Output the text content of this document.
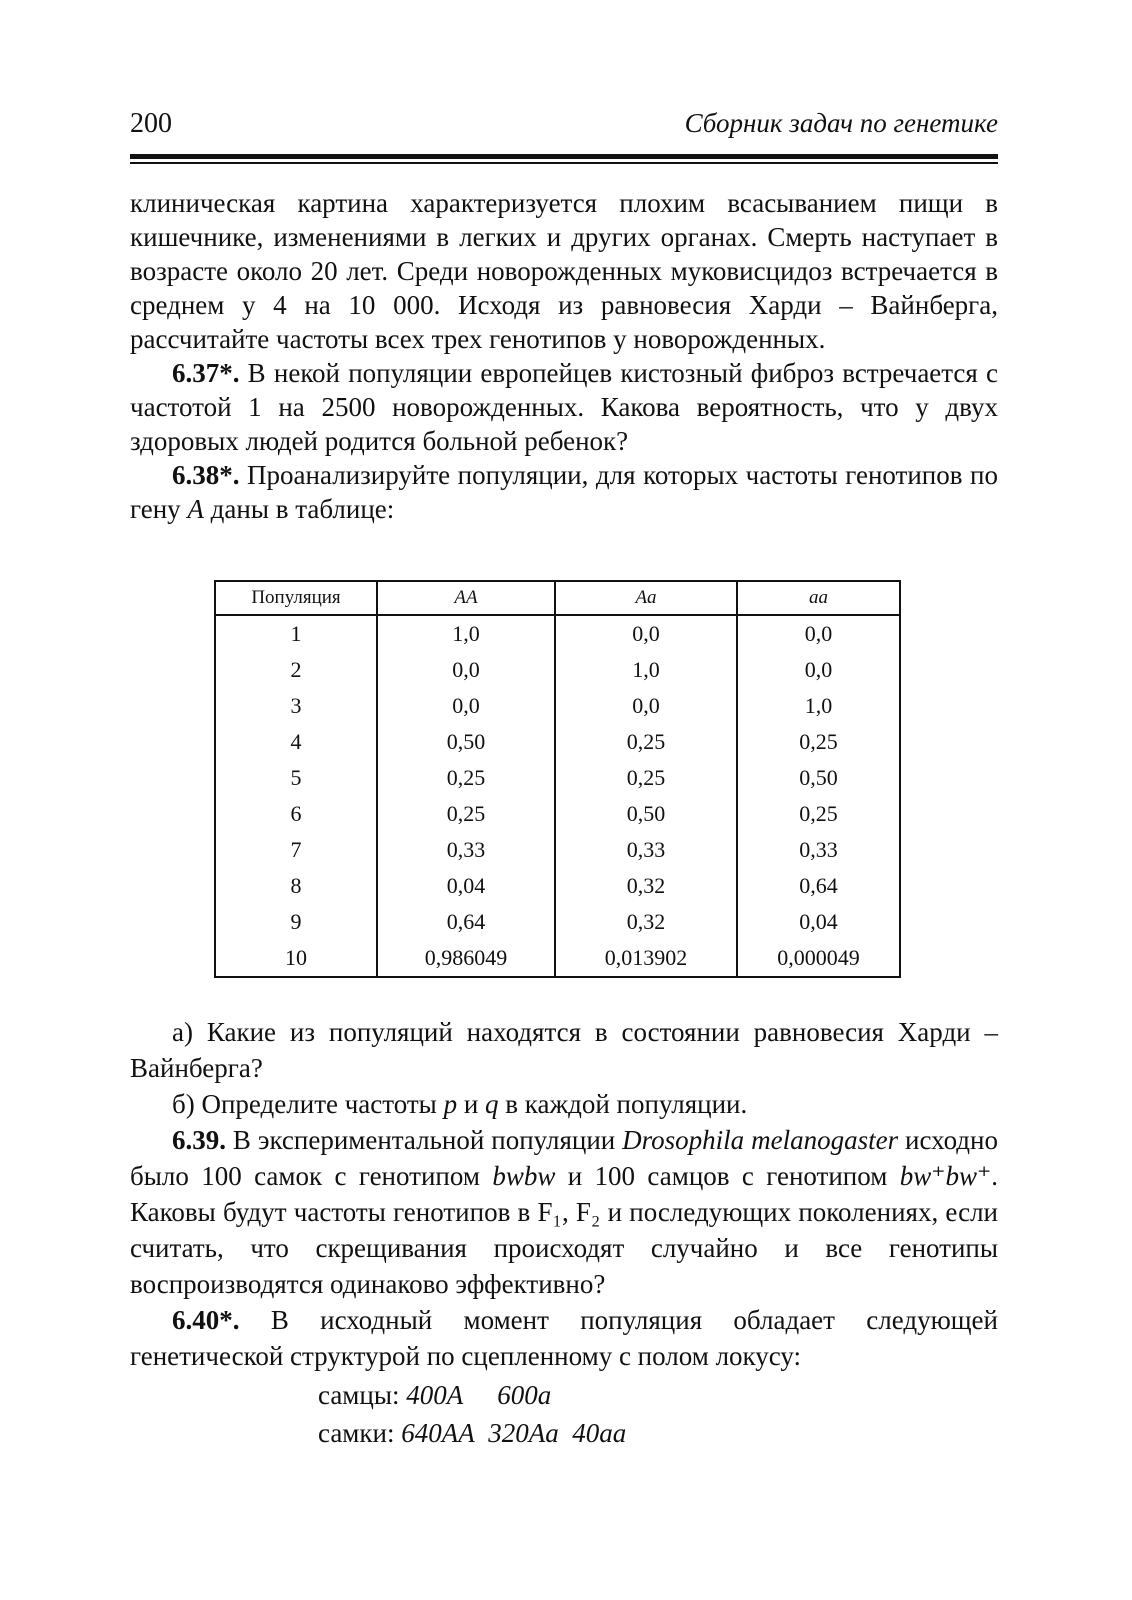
200	Сборник задач по генетике

клиническая картина характеризуется плохим всасыванием пищи в кишечнике, изменениями в легких и других органах. Смерть наступает в возрасте около 20 лет. Среди новорожденных муковисцидоз встречается в среднем у 4 на 10 000. Исходя из равновесия Харди – Вайнберга, рассчитайте частоты всех трех генотипов у новорожденных.

6.37*. В некой популяции европейцев кистозный фиброз встречается с частотой 1 на 2500 новорожденных. Какова вероятность, что у двух здоровых людей родится больной ребенок?

6.38*. Проанализируйте популяции, для которых частоты генотипов по гену A даны в таблице:

Популяция	AA	Aa	aa
1	1,0	0,0	0,0
2	0,0	1,0	0,0
3	0,0	0,0	1,0
4	0,50	0,25	0,25
5	0,25	0,25	0,50
6	0,25	0,50	0,25
7	0,33	0,33	0,33
8	0,04	0,32	0,64
9	0,64	0,32	0,04
10	0,986049	0,013902	0,000049

а) Какие из популяций находятся в состоянии равновесия Харди – Вайнберга?

б) Определите частоты p и q в каждой популяции.

6.39. В экспериментальной популяции Drosophila melanogaster исходно было 100 самок с генотипом bwbw и 100 самцов с генотипом bw⁺bw⁺. Каковы будут частоты генотипов в F₁, F₂ и последующих поколениях, если считать, что скрещивания происходят случайно и все генотипы воспроизводятся одинаково эффективно?

6.40*. В исходный момент популяция обладает следующей генетической структурой по сцепленному с полом локусу:

самцы: 400A 600a
самки: 640AA 320Aa 40aa
